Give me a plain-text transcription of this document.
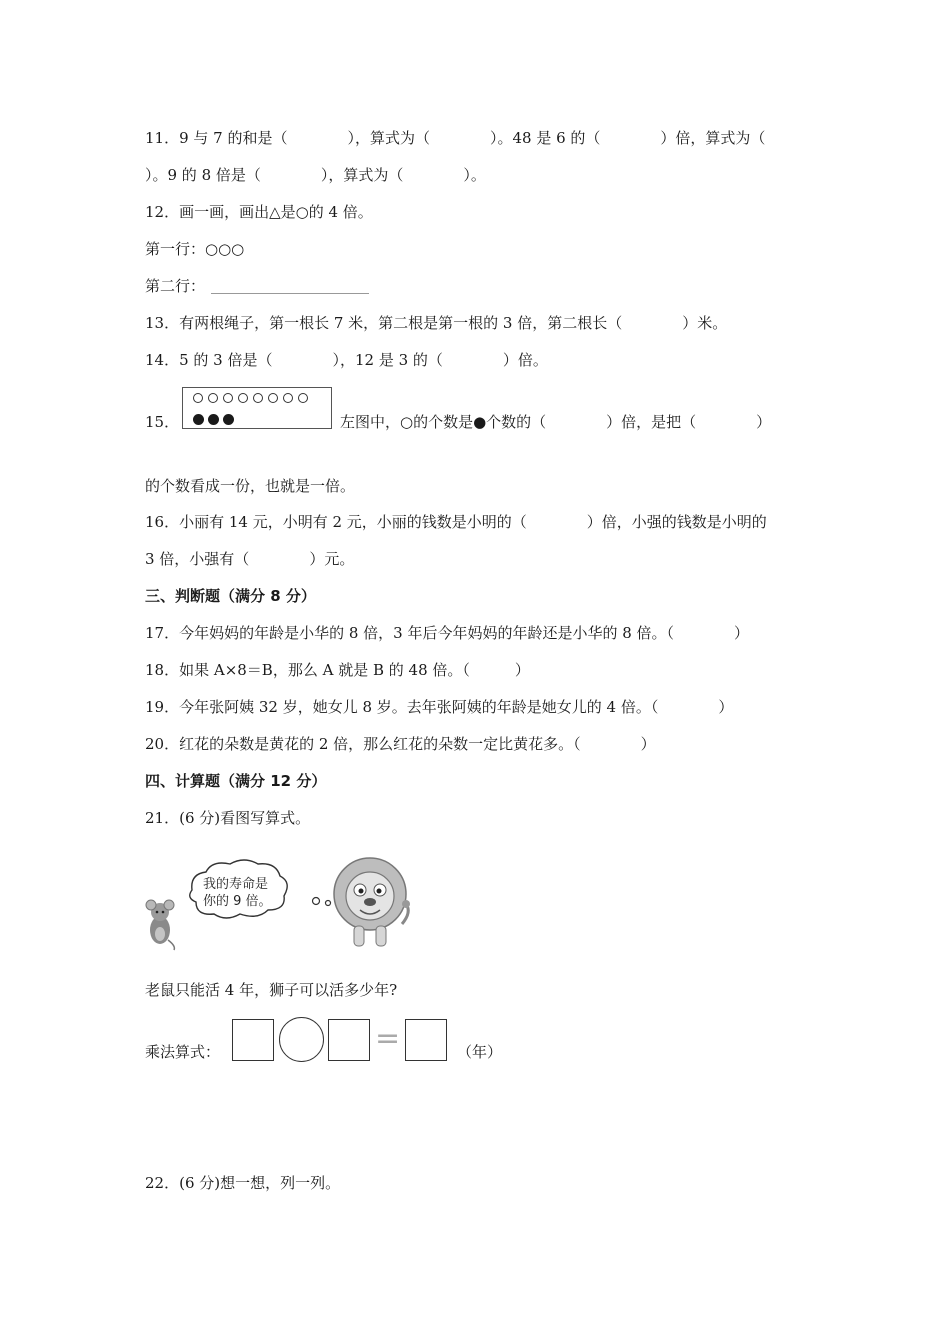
11．9 与 7 的和是（　　　　），算式为（　　　　）。48 是 6 的（　　　　）倍，算式为（
）。9 的 8 倍是（　　　　），算式为（　　　　）。
12．画一画，画出△是○的 4 倍。
第一行：○○○
第二行：
13．有两根绳子，第一根长 7 米，第二根是第一根的 3 倍，第二根长（　　　　）米。
14．5 的 3 倍是（　　　　），12 是 3 的（　　　　）倍。
15．	左图中，○的个数是●个数的（　　　　）倍，是把（　　　　）
的个数看成一份，也就是一倍。
16．小丽有 14 元，小明有 2 元，小丽的钱数是小明的（　　　　）倍，小强的钱数是小明的
3 倍，小强有（　　　　）元。
三、判断题（满分 8 分）
17．今年妈妈的年龄是小华的 8 倍，3 年后今年妈妈的年龄还是小华的 8 倍。（　　　　）
18．如果 A×8＝B，那么 A 就是 B 的 48 倍。（　　　）
19．今年张阿姨 32 岁，她女儿 8 岁。去年张阿姨的年龄是她女儿的 4 倍。（　　　　）
20．红花的朵数是黄花的 2 倍，那么红花的朵数一定比黄花多。（　　　　）
四、计算题（满分 12 分）
21．(6 分)看图写算式。
我的寿命是
你的 9 倍。
老鼠只能活 4 年，狮子可以活多少年?
乘法算式：	=	（年）
22．(6 分)想一想，列一列。
